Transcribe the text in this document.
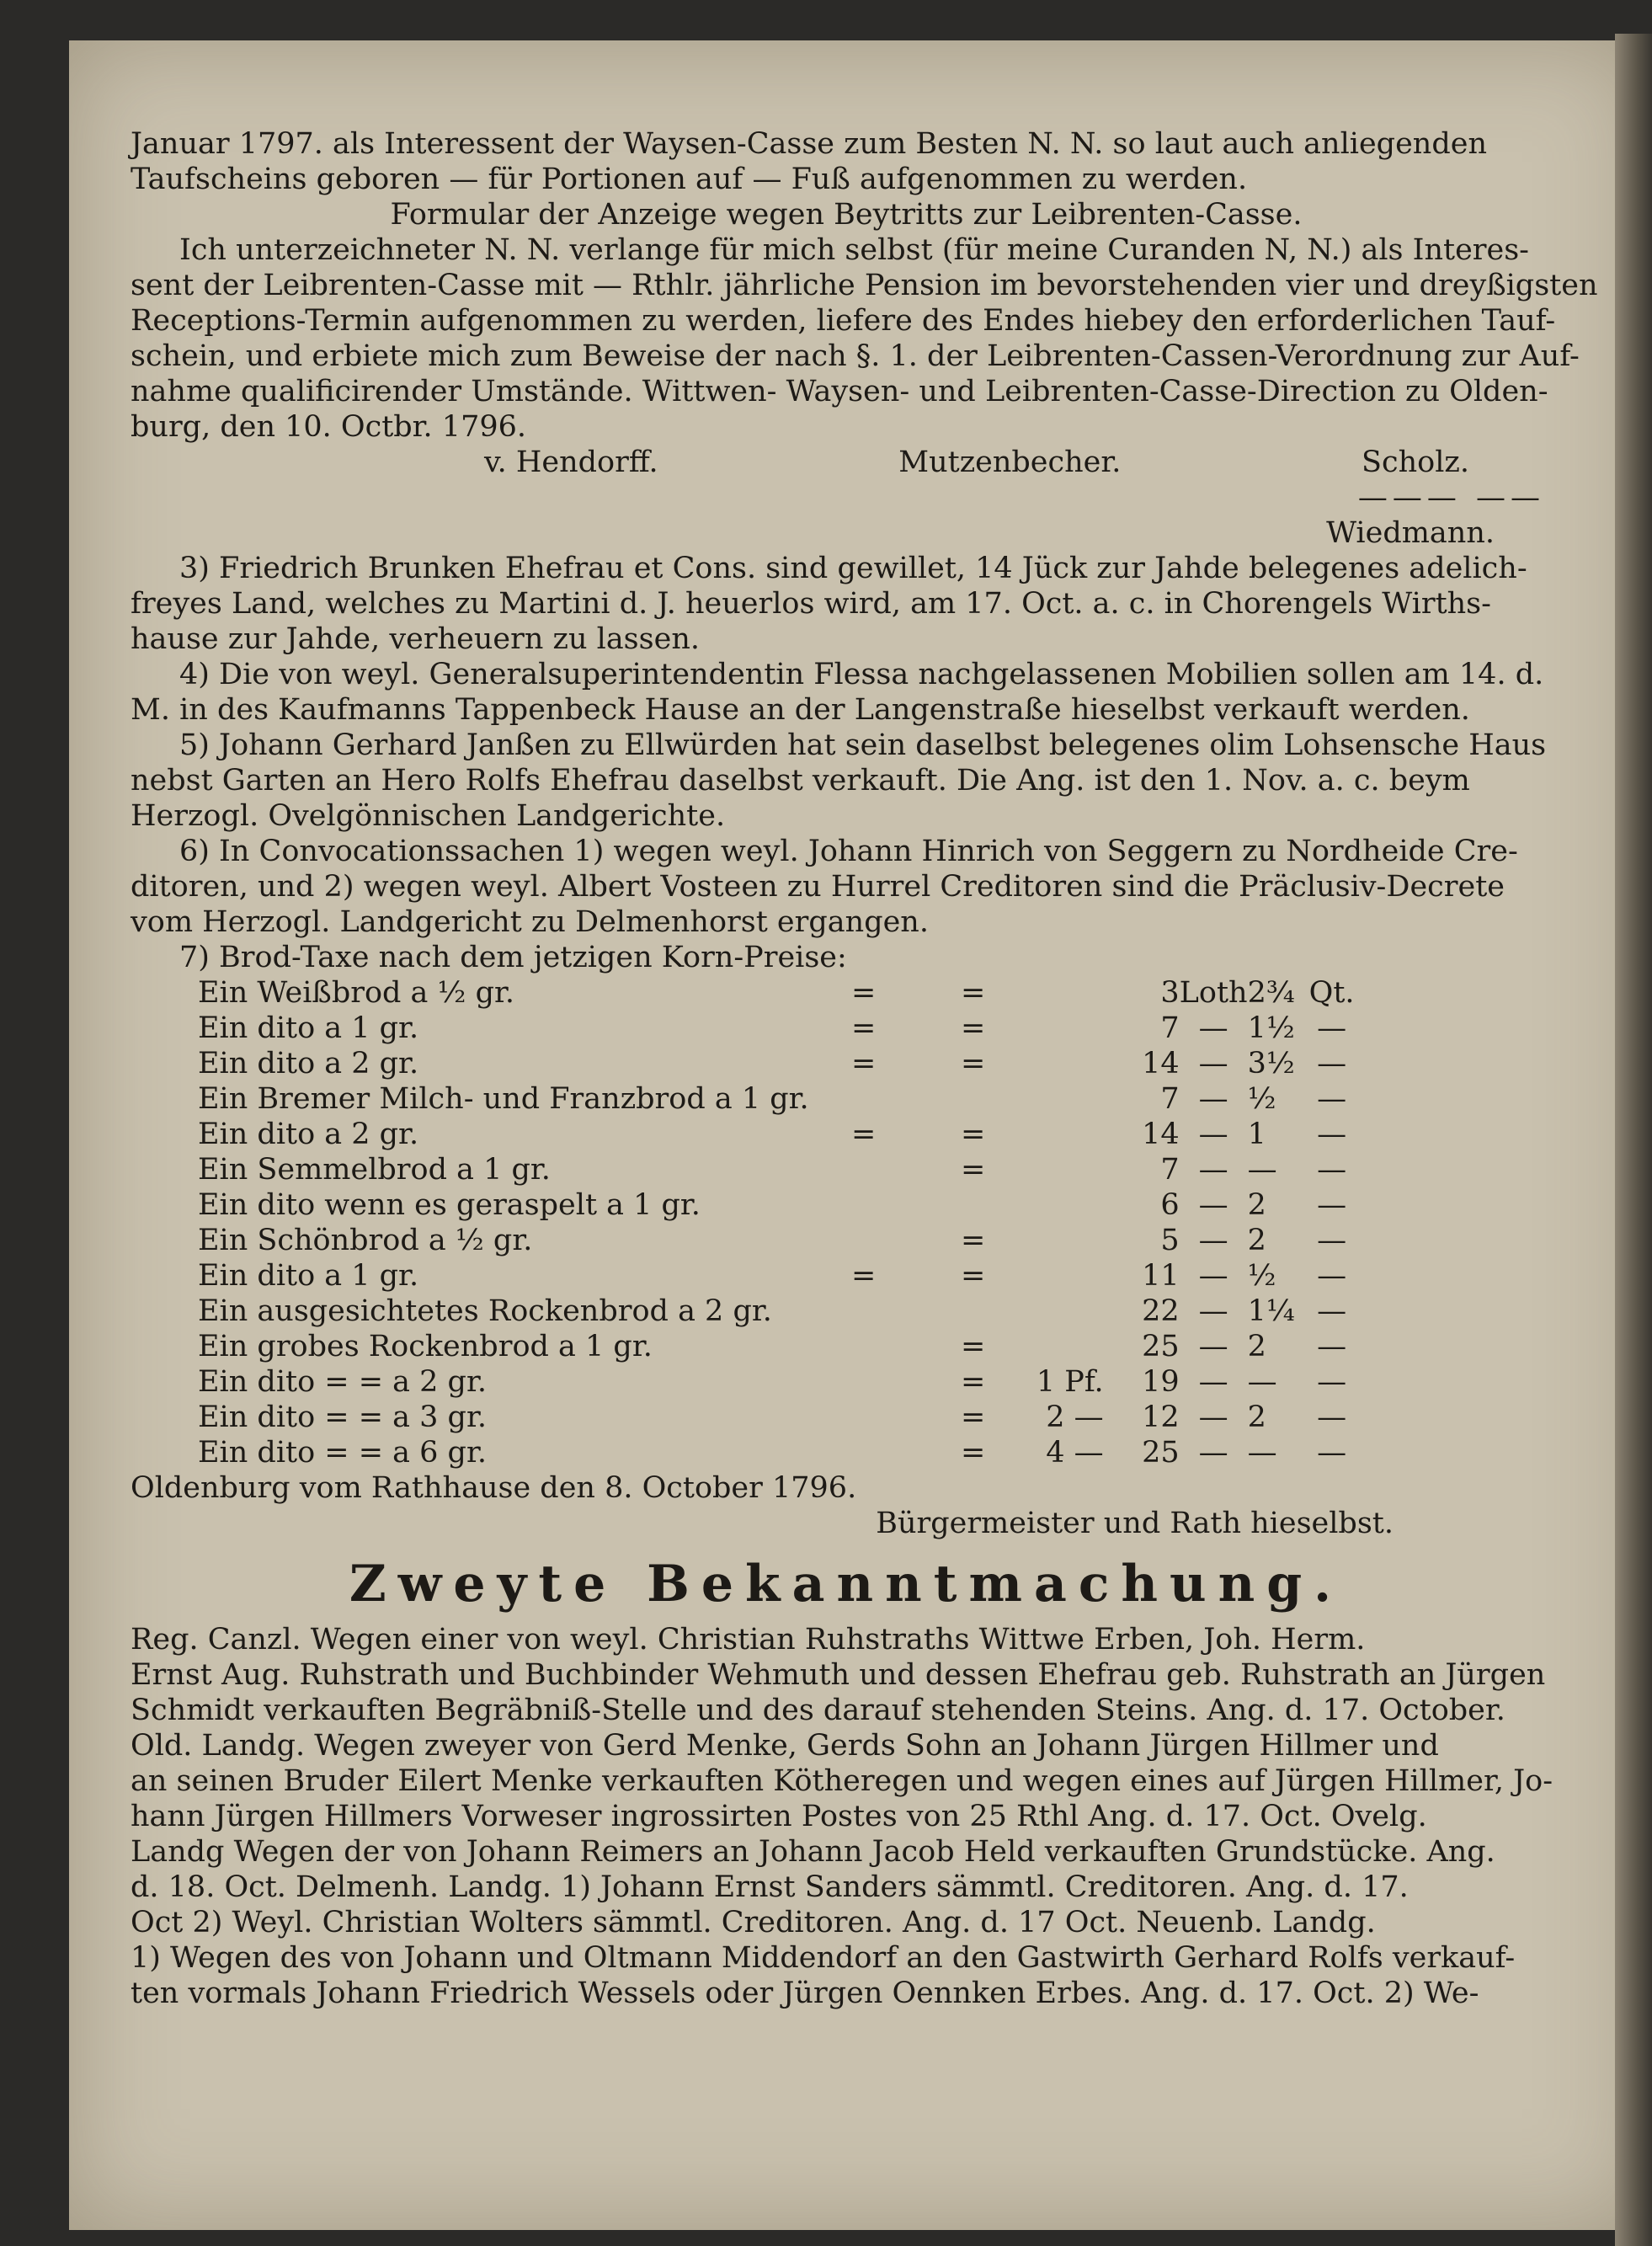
Januar 1797. als Interessent der Waysen-Casse zum Besten N. N. so laut auch anliegenden
Taufscheins geboren — für Portionen auf — Fuß aufgenommen zu werden.
Formular der Anzeige wegen Beytritts zur Leibrenten-Casse.
Ich unterzeichneter N. N. verlange für mich selbst (für meine Curanden N, N.) als Interes-
sent der Leibrenten-Casse mit — Rthlr. jährliche Pension im bevorstehenden vier und dreyßigsten
Receptions-Termin aufgenommen zu werden, liefere des Endes hiebey den erforderlichen Tauf-
schein, und erbiete mich zum Beweise der nach §. 1. der Leibrenten-Cassen-Verordnung zur Auf-
nahme qualificirender Umstände. Wittwen- Waysen- und Leibrenten-Casse-Direction zu Olden-
burg, den 10. Octbr. 1796.
v. Hendorff.	Mutzenbecher.	Scholz.
——— ——
Wiedmann.
3) Friedrich Brunken Ehefrau et Cons. sind gewillet, 14 Jück zur Jahde belegenes adelich-
freyes Land, welches zu Martini d. J. heuerlos wird, am 17. Oct. a. c. in Chorengels Wirths-
hause zur Jahde, verheuern zu lassen.
4) Die von weyl. Generalsuperintendentin Flessa nachgelassenen Mobilien sollen am 14. d.
M. in des Kaufmanns Tappenbeck Hause an der Langenstraße hieselbst verkauft werden.
5) Johann Gerhard Janßen zu Ellwürden hat sein daselbst belegenes olim Lohsensche Haus
nebst Garten an Hero Rolfs Ehefrau daselbst verkauft. Die Ang. ist den 1. Nov. a. c. beym
Herzogl. Ovelgönnischen Landgerichte.
6) In Convocationssachen 1) wegen weyl. Johann Hinrich von Seggern zu Nordheide Cre-
ditoren, und 2) wegen weyl. Albert Vosteen zu Hurrel Creditoren sind die Präclusiv-Decrete
vom Herzogl. Landgericht zu Delmenhorst ergangen.
7) Brod-Taxe nach dem jetzigen Korn-Preise:
Ein Weißbrod a ½ gr.	=	=		3	Loth	2¾	Qt.
Ein dito a 1 gr.	=	=		7	—	1½	—
Ein dito a 2 gr.	=	=		14	—	3½	—
Ein Bremer Milch- und Franzbrod a 1 gr.				7	—	½	—
Ein dito a 2 gr.	=	=		14	—	1	—
Ein Semmelbrod a 1 gr.		=		7	—	—	—
Ein dito wenn es geraspelt a 1 gr.				6	—	2	—
Ein Schönbrod a ½ gr.		=		5	—	2	—
Ein dito a 1 gr.	=	=		11	—	½	—
Ein ausgesichtetes Rockenbrod a 2 gr.				22	—	1¼	—
Ein grobes Rockenbrod a 1 gr.		=		25	—	2	—
Ein dito = = a 2 gr.		=	1 Pf.	19	—	—	—
Ein dito = = a 3 gr.		=	2 —	12	—	2	—
Ein dito = = a 6 gr.		=	4 —	25	—	—	—
Oldenburg vom Rathhause den 8. October 1796.
Bürgermeister und Rath hieselbst.
Zweyte Bekanntmachung.
Reg. Canzl. Wegen einer von weyl. Christian Ruhstraths Wittwe Erben, Joh. Herm.
Ernst Aug. Ruhstrath und Buchbinder Wehmuth und dessen Ehefrau geb. Ruhstrath an Jürgen
Schmidt verkauften Begräbniß-Stelle und des darauf stehenden Steins. Ang. d. 17. October.
Old. Landg. Wegen zweyer von Gerd Menke, Gerds Sohn an Johann Jürgen Hillmer und
an seinen Bruder Eilert Menke verkauften Kötheregen und wegen eines auf Jürgen Hillmer, Jo-
hann Jürgen Hillmers Vorweser ingrossirten Postes von 25 Rthl Ang. d. 17. Oct. Ovelg.
Landg Wegen der von Johann Reimers an Johann Jacob Held verkauften Grundstücke. Ang.
d. 18. Oct. Delmenh. Landg. 1) Johann Ernst Sanders sämmtl. Creditoren. Ang. d. 17.
Oct 2) Weyl. Christian Wolters sämmtl. Creditoren. Ang. d. 17 Oct. Neuenb. Landg.
1) Wegen des von Johann und Oltmann Middendorf an den Gastwirth Gerhard Rolfs verkauf-
ten vormals Johann Friedrich Wessels oder Jürgen Oennken Erbes. Ang. d. 17. Oct. 2) We-
